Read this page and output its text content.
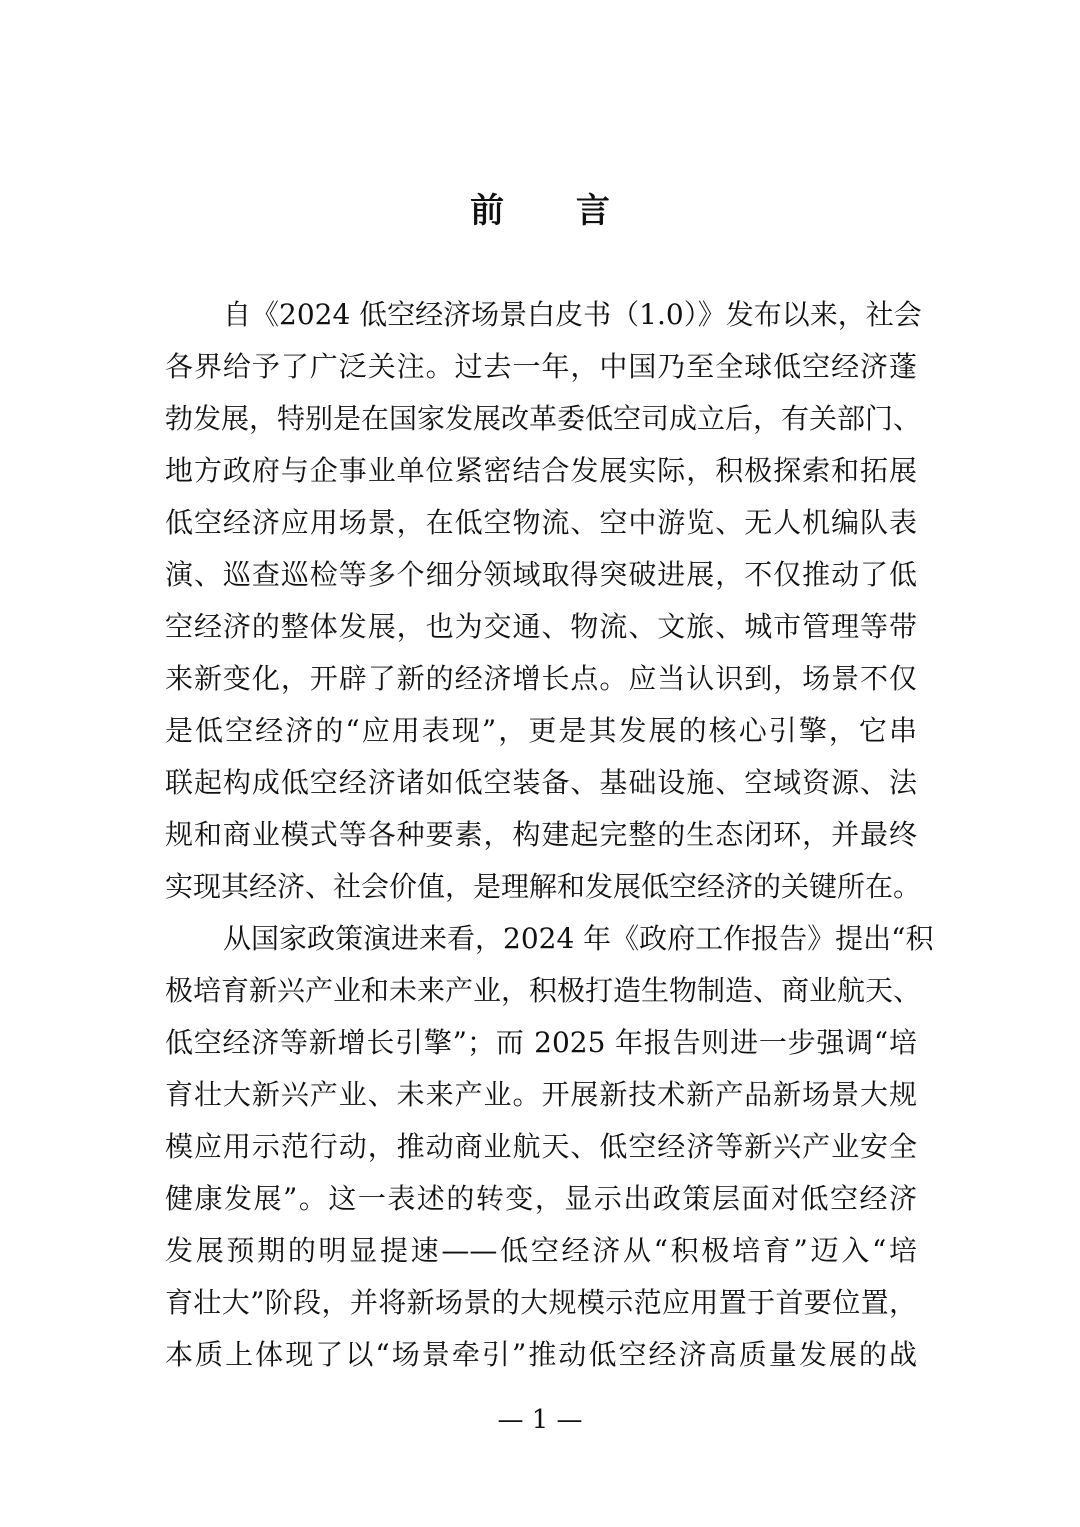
前 言
自《2024 低空经济场景白皮书（1.0）》发布以来，社会
各界给予了广泛关注。过去一年，中国乃至全球低空经济蓬
勃发展，特别是在国家发展改革委低空司成立后，有关部门、
地方政府与企事业单位紧密结合发展实际，积极探索和拓展
低空经济应用场景，在低空物流、空中游览、无人机编队表
演、巡查巡检等多个细分领域取得突破进展，不仅推动了低
空经济的整体发展，也为交通、物流、文旅、城市管理等带
来新变化，开辟了新的经济增长点。应当认识到，场景不仅
是低空经济的“应用表现”，更是其发展的核心引擎，它串
联起构成低空经济诸如低空装备、基础设施、空域资源、法
规和商业模式等各种要素，构建起完整的生态闭环，并最终
实现其经济、社会价值，是理解和发展低空经济的关键所在。
从国家政策演进来看，2024 年《政府工作报告》提出“积
极培育新兴产业和未来产业，积极打造生物制造、商业航天、
低空经济等新增长引擎”；而 2025 年报告则进一步强调“培
育壮大新兴产业、未来产业。开展新技术新产品新场景大规
模应用示范行动，推动商业航天、低空经济等新兴产业安全
健康发展”。这一表述的转变，显示出政策层面对低空经济
发展预期的明显提速——低空经济从“积极培育”迈入“培
育壮大”阶段，并将新场景的大规模示范应用置于首要位置，
本质上体现了以“场景牵引”推动低空经济高质量发展的战
— 1 —
